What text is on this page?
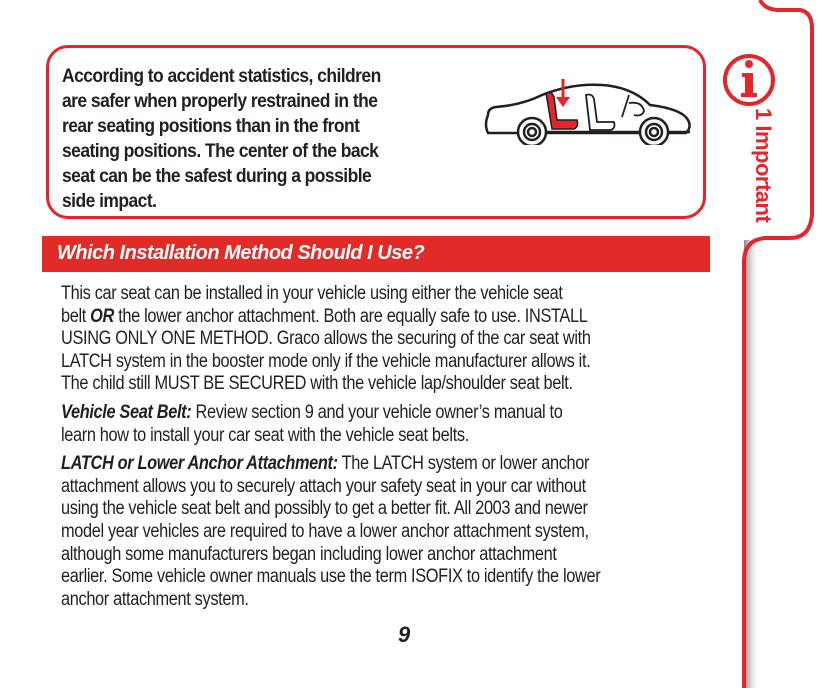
1 Important
According to accident statistics, children
are safer when properly restrained in the
rear seating positions than in the front
seating positions. The center of the back
seat can be the safest during a possible
side impact.
Which Installation Method Should I Use?
This car seat can be installed in your vehicle using either the vehicle seat
belt OR the lower anchor attachment. Both are equally safe to use. INSTALL
USING ONLY ONE METHOD. Graco allows the securing of the car seat with
LATCH system in the booster mode only if the vehicle manufacturer allows it.
The child still MUST BE SECURED with the vehicle lap/shoulder seat belt.
Vehicle Seat Belt: Review section 9 and your vehicle owner’s manual to
learn how to install your car seat with the vehicle seat belts.
LATCH or Lower Anchor Attachment: The LATCH system or lower anchor
attachment allows you to securely attach your safety seat in your car without
using the vehicle seat belt and possibly to get a better fit. All 2003 and newer
model year vehicles are required to have a lower anchor attachment system,
although some manufacturers began including lower anchor attachment
earlier. Some vehicle owner manuals use the term ISOFIX to identify the lower
anchor attachment system.
9
